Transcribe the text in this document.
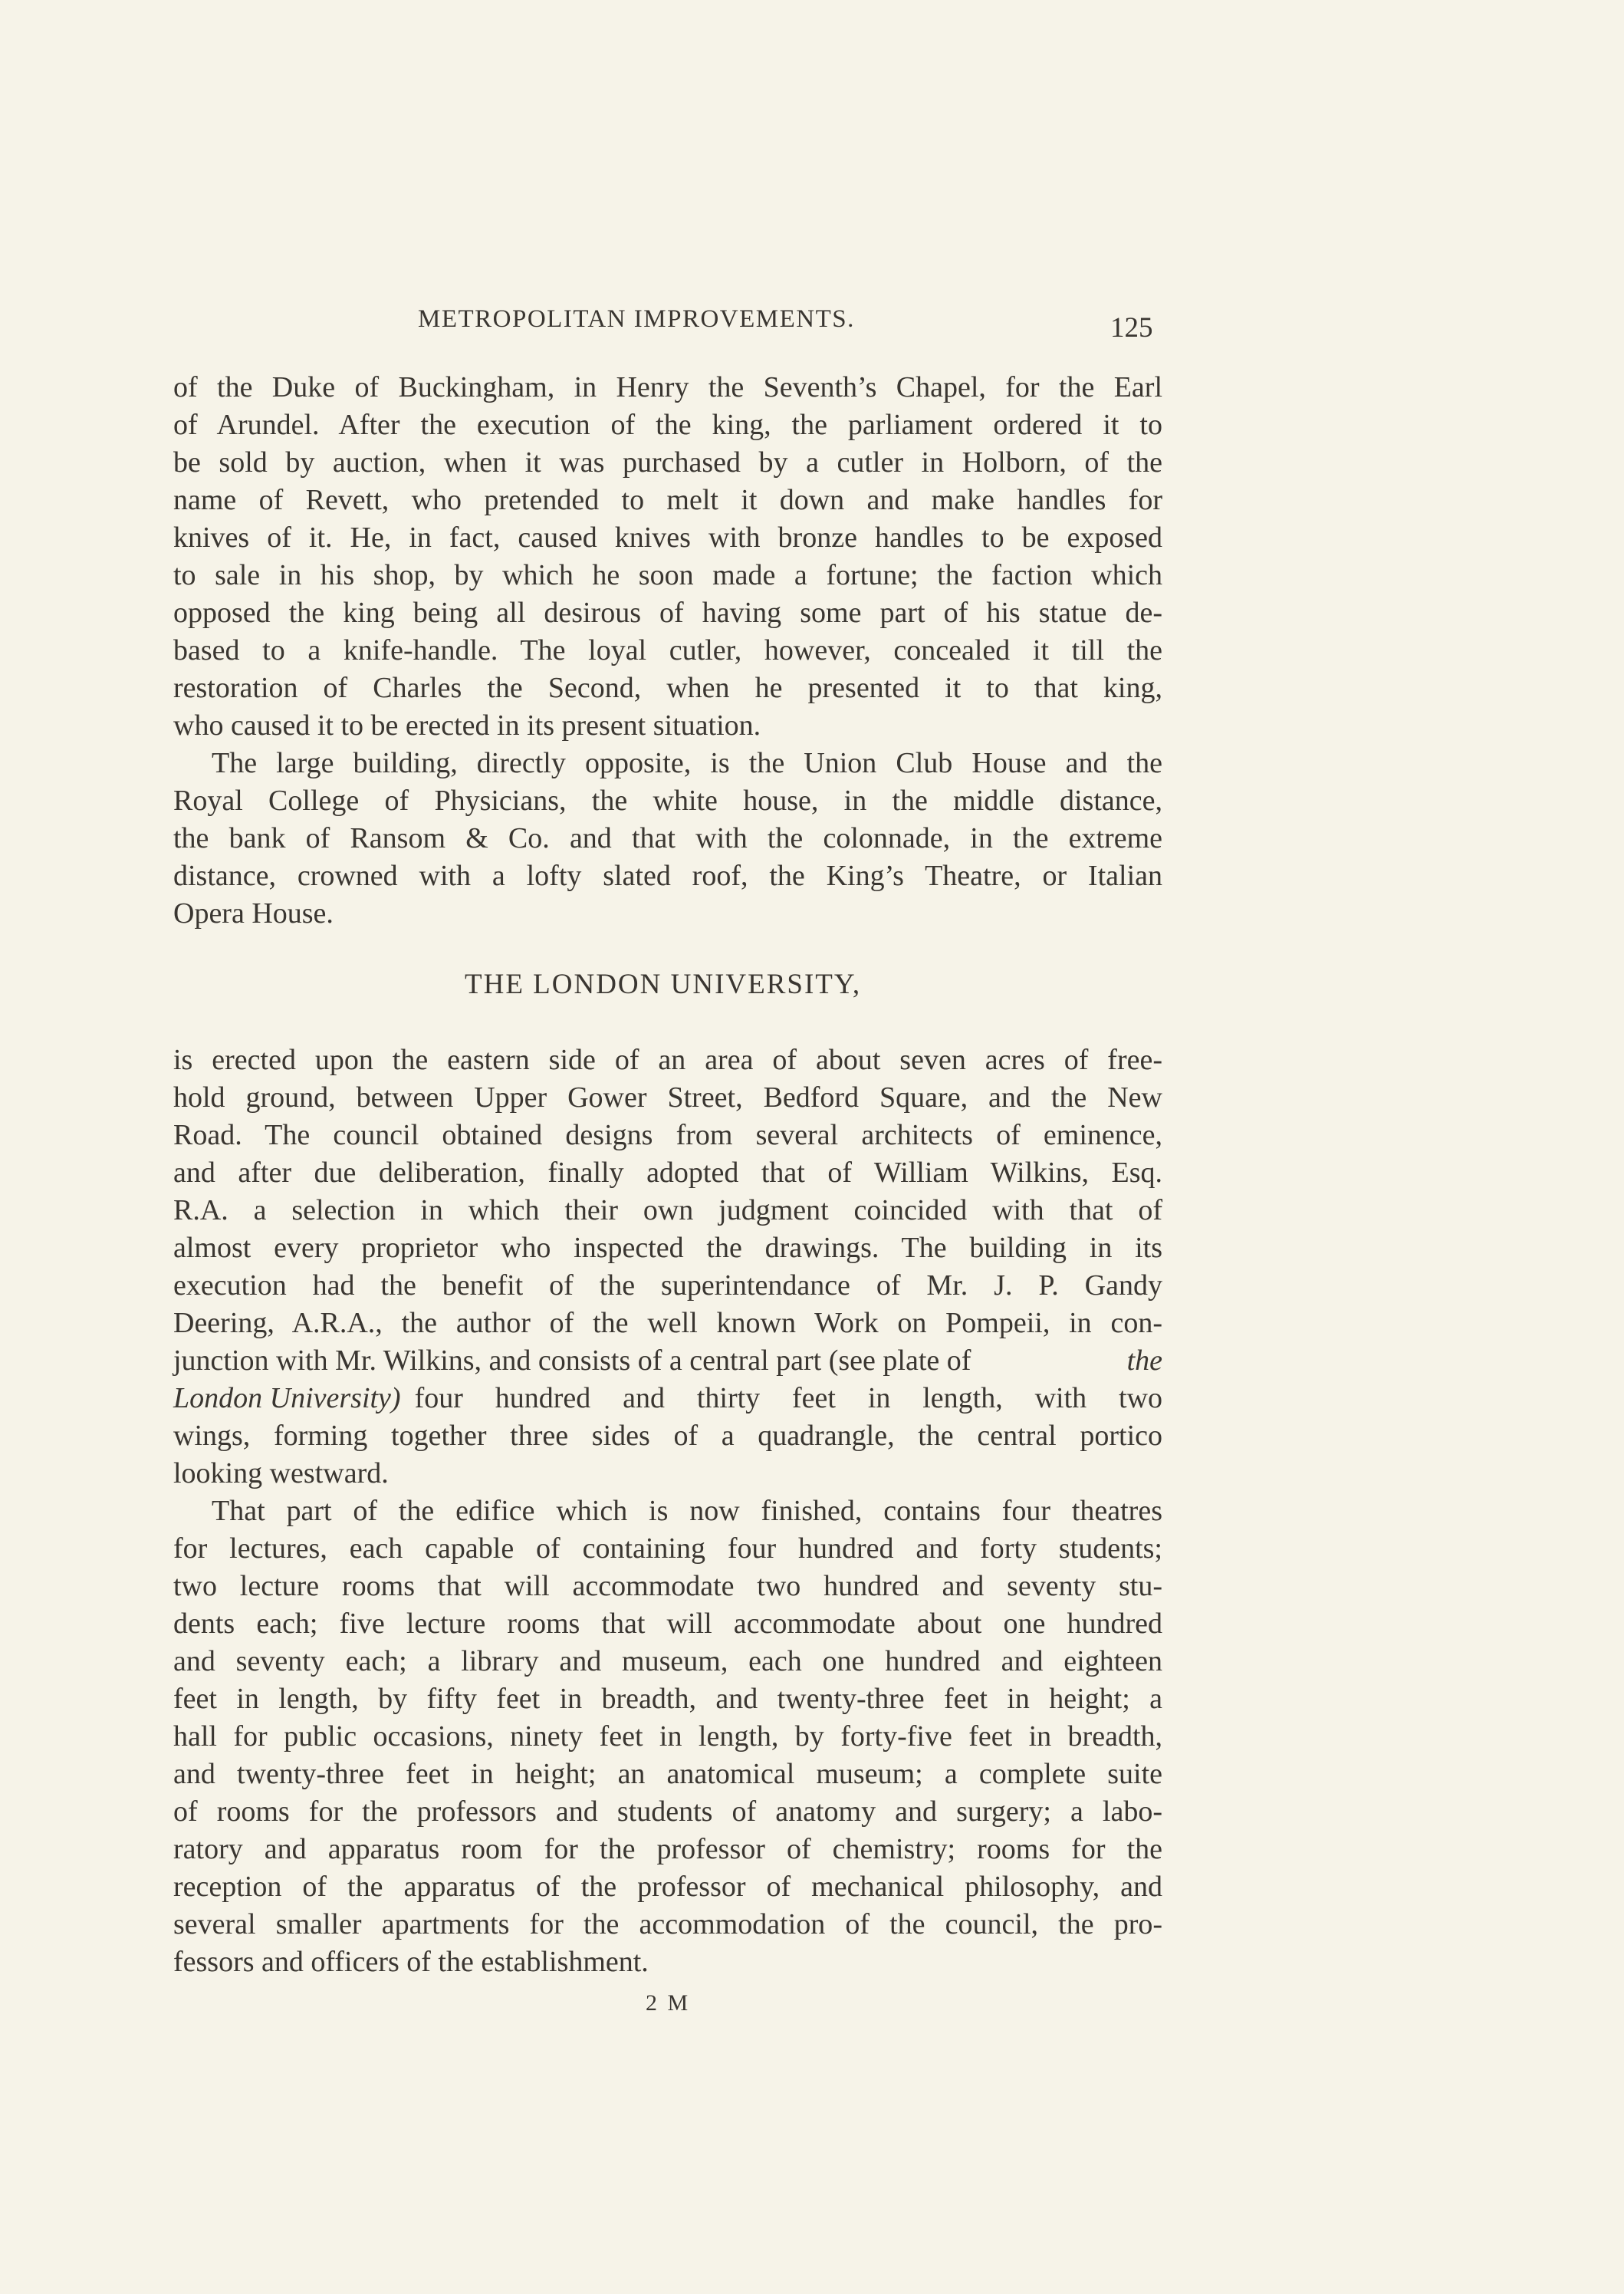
METROPOLITAN IMPROVEMENTS.	125
of the Duke of Buckingham, in Henry the Seventh’s Chapel, for the Earl
of Arundel. After the execution of the king, the parliament ordered it to
be sold by auction, when it was purchased by a cutler in Holborn, of the
name of Revett, who pretended to melt it down and make handles for
knives of it. He, in fact, caused knives with bronze handles to be exposed
to sale in his shop, by which he soon made a fortune; the faction which
opposed the king being all desirous of having some part of his statue de-
based to a knife-handle. The loyal cutler, however, concealed it till the
restoration of Charles the Second, when he presented it to that king,
who caused it to be erected in its present situation.
The large building, directly opposite, is the Union Club House and the
Royal College of Physicians, the white house, in the middle distance,
the bank of Ransom & Co. and that with the colonnade, in the extreme
distance, crowned with a lofty slated roof, the King’s Theatre, or Italian
Opera House.
THE LONDON UNIVERSITY,
is erected upon the eastern side of an area of about seven acres of free-
hold ground, between Upper Gower Street, Bedford Square, and the New
Road. The council obtained designs from several architects of eminence,
and after due deliberation, finally adopted that of William Wilkins, Esq.
R.A. a selection in which their own judgment coincided with that of
almost every proprietor who inspected the drawings. The building in its
execution had the benefit of the superintendance of Mr. J. P. Gandy
Deering, A.R.A., the author of the well known Work on Pompeii, in con-
junction with Mr. Wilkins, and consists of a central part (see plate of	the
London University) four hundred and thirty feet in length, with two
wings, forming together three sides of a quadrangle, the central portico
looking westward.
That part of the edifice which is now finished, contains four theatres
for lectures, each capable of containing four hundred and forty students;
two lecture rooms that will accommodate two hundred and seventy stu-
dents each; five lecture rooms that will accommodate about one hundred
and seventy each; a library and museum, each one hundred and eighteen
feet in length, by fifty feet in breadth, and twenty-three feet in height; a
hall for public occasions, ninety feet in length, by forty-five feet in breadth,
and twenty-three feet in height; an anatomical museum; a complete suite
of rooms for the professors and students of anatomy and surgery; a labo-
ratory and apparatus room for the professor of chemistry; rooms for the
reception of the apparatus of the professor of mechanical philosophy, and
several smaller apartments for the accommodation of the council, the pro-
fessors and officers of the establishment.
2 M
